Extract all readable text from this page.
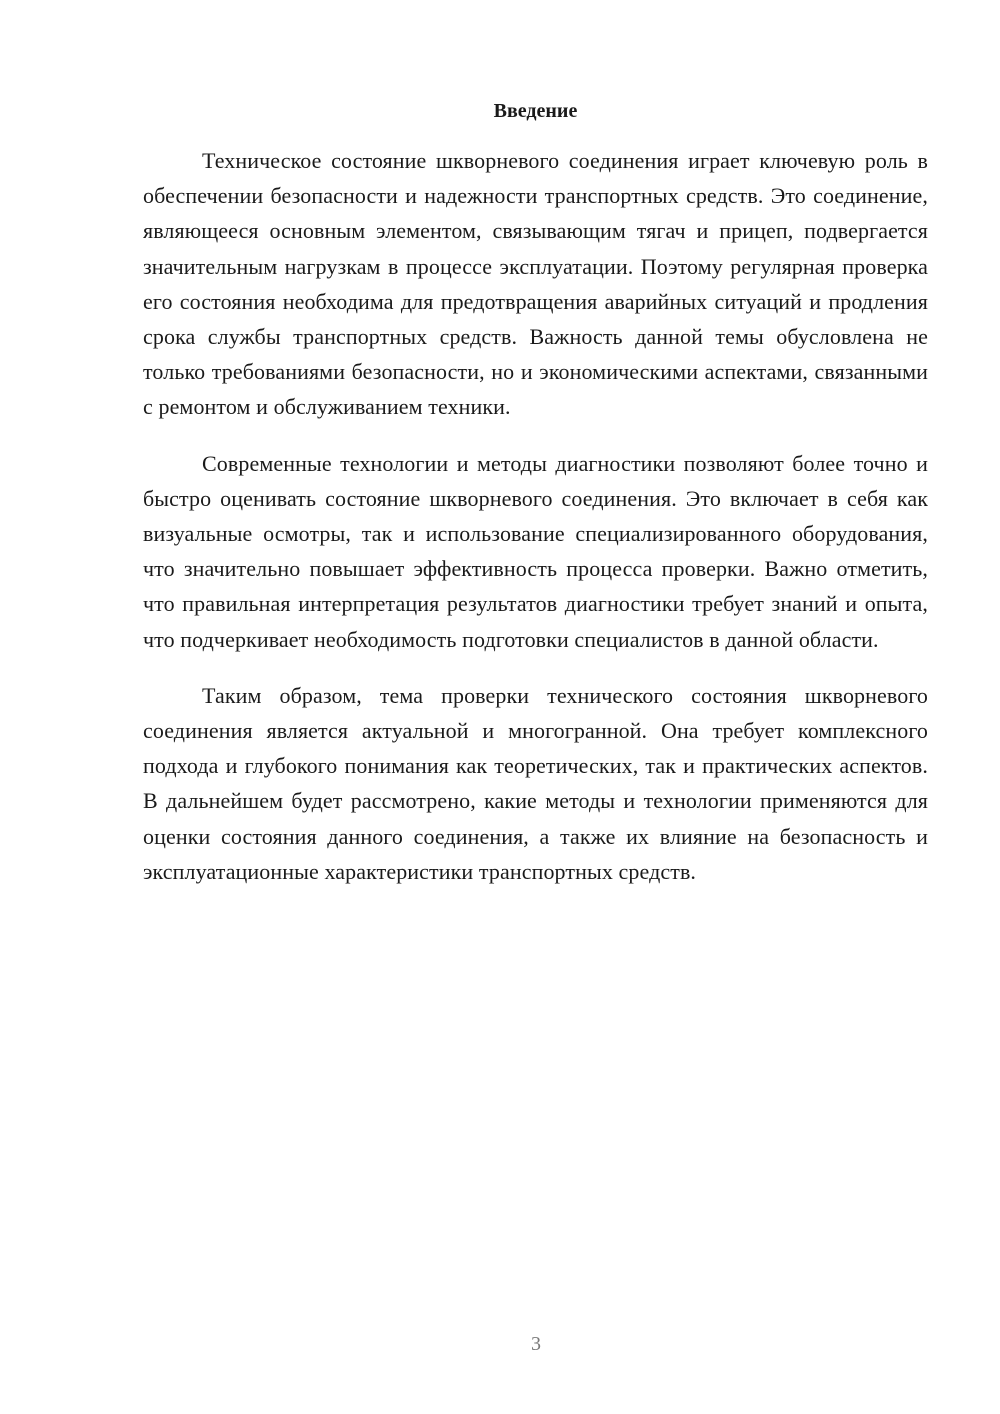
Введение

Техническое состояние шкворневого соединения играет ключевую роль в обеспечении безопасности и надежности транспортных средств. Это соединение, являющееся основным элементом, связывающим тягач и прицеп, подвергается значительным нагрузкам в процессе эксплуатации. Поэтому регулярная проверка его состояния необходима для предотвращения аварийных ситуаций и продления срока службы транспортных средств. Важность данной темы обусловлена не только требованиями безопасности, но и экономическими аспектами, связанными с ремонтом и обслуживанием техники.

Современные технологии и методы диагностики позволяют более точно и быстро оценивать состояние шкворневого соединения. Это включает в себя как визуальные осмотры, так и использование специализированного оборудования, что значительно повышает эффективность процесса проверки. Важно отметить, что правильная интерпретация результатов диагностики требует знаний и опыта, что подчеркивает необходимость подготовки специалистов в данной области.

Таким образом, тема проверки технического состояния шкворневого соединения является актуальной и многогранной. Она требует комплексного подхода и глубокого понимания как теоретических, так и практических аспектов. В дальнейшем будет рассмотрено, какие методы и технологии применяются для оценки состояния данного соединения, а также их влияние на безопасность и эксплуатационные характеристики транспортных средств.

3
